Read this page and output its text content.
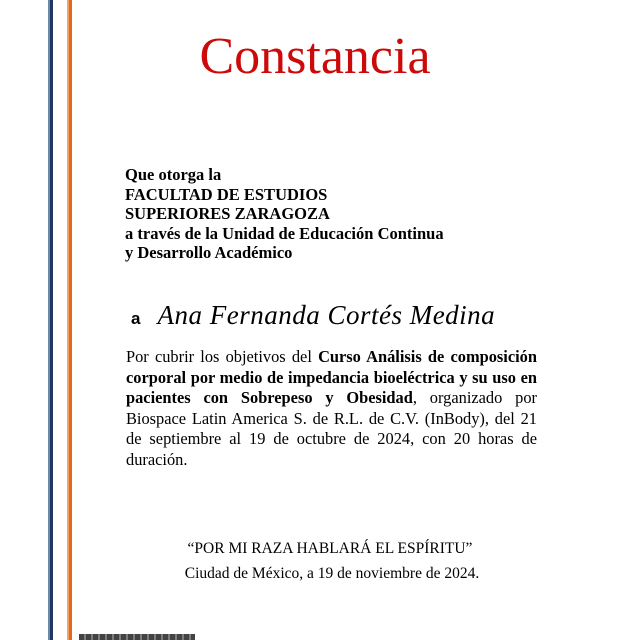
Constancia
Que otorga la
FACULTAD DE ESTUDIOS
SUPERIORES ZARAGOZA
a través de la Unidad de Educación Continua
y Desarrollo Académico
a Ana Fernanda Cortés Medina
Por cubrir los objetivos del Curso Análisis de composición corporal por medio de impedancia bioeléctrica y su uso en pacientes con Sobrepeso y Obesidad, organizado por Biospace Latin America S. de R.L. de C.V. (InBody), del 21 de septiembre al 19 de octubre de 2024, con 20 horas de duración.
“POR MI RAZA HABLARÁ EL ESPÍRITU”
Ciudad de México, a 19 de noviembre de 2024.
